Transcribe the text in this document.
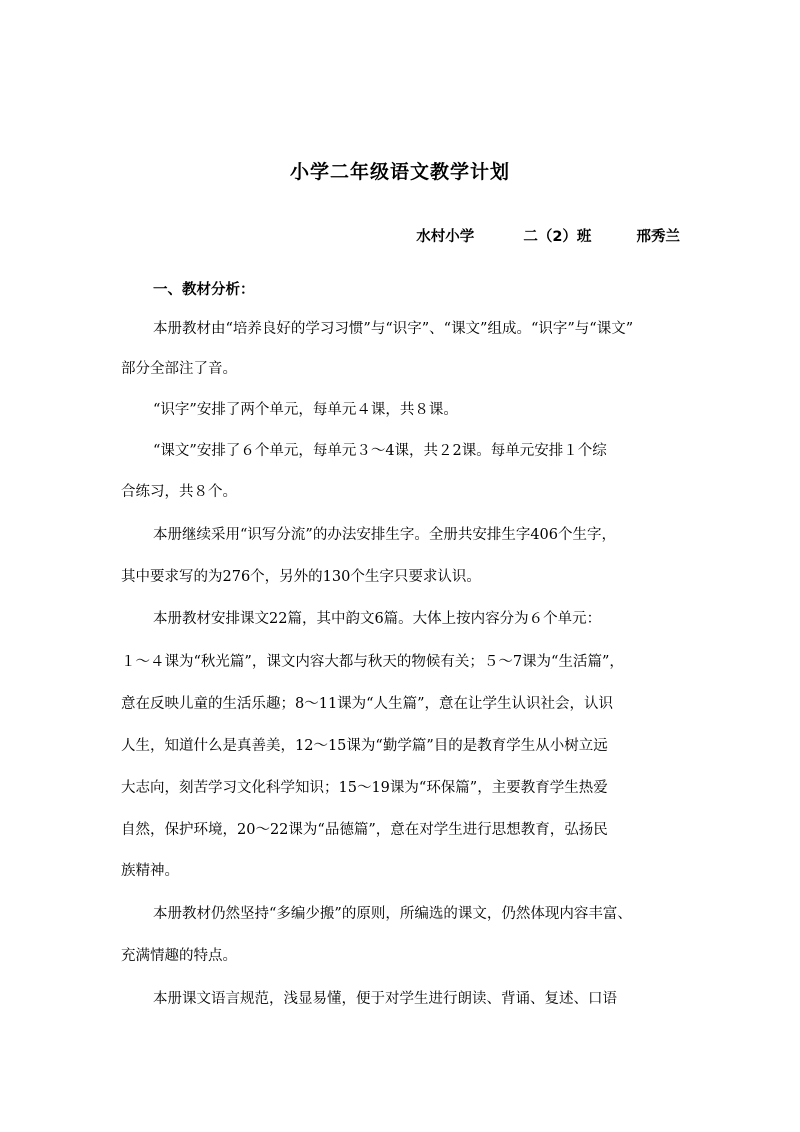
小学二年级语文教学计划
水村小学	二（2）班	邢秀兰
一、教材分析：
本册教材由“培养良好的学习习惯”与“识字”、“课文”组成。“识字”与“课文”
部分全部注了音。
“识字”安排了两个单元，每单元４课，共８课。
“课文”安排了６个单元，每单元３～4课，共２2课。每单元安排１个综
合练习，共８个。
本册继续采用“识写分流”的办法安排生字。全册共安排生字406个生字，
其中要求写的为276个，另外的130个生字只要求认识。
本册教材安排课文22篇，其中韵文6篇。大体上按内容分为６个单元：
１～４课为“秋光篇”，课文内容大都与秋天的物候有关；５～7课为“生活篇”，
意在反映儿童的生活乐趣；8～11课为“人生篇”，意在让学生认识社会，认识
人生，知道什么是真善美，12～15课为“勤学篇”目的是教育学生从小树立远
大志向，刻苦学习文化科学知识；15～19课为“环保篇”，主要教育学生热爱
自然，保护环境，20～22课为“品德篇”，意在对学生进行思想教育，弘扬民
族精神。
本册教材仍然坚持“多编少搬”的原则，所编选的课文，仍然体现内容丰富、
充满情趣的特点。
本册课文语言规范，浅显易懂，便于对学生进行朗读、背诵、复述、口语
